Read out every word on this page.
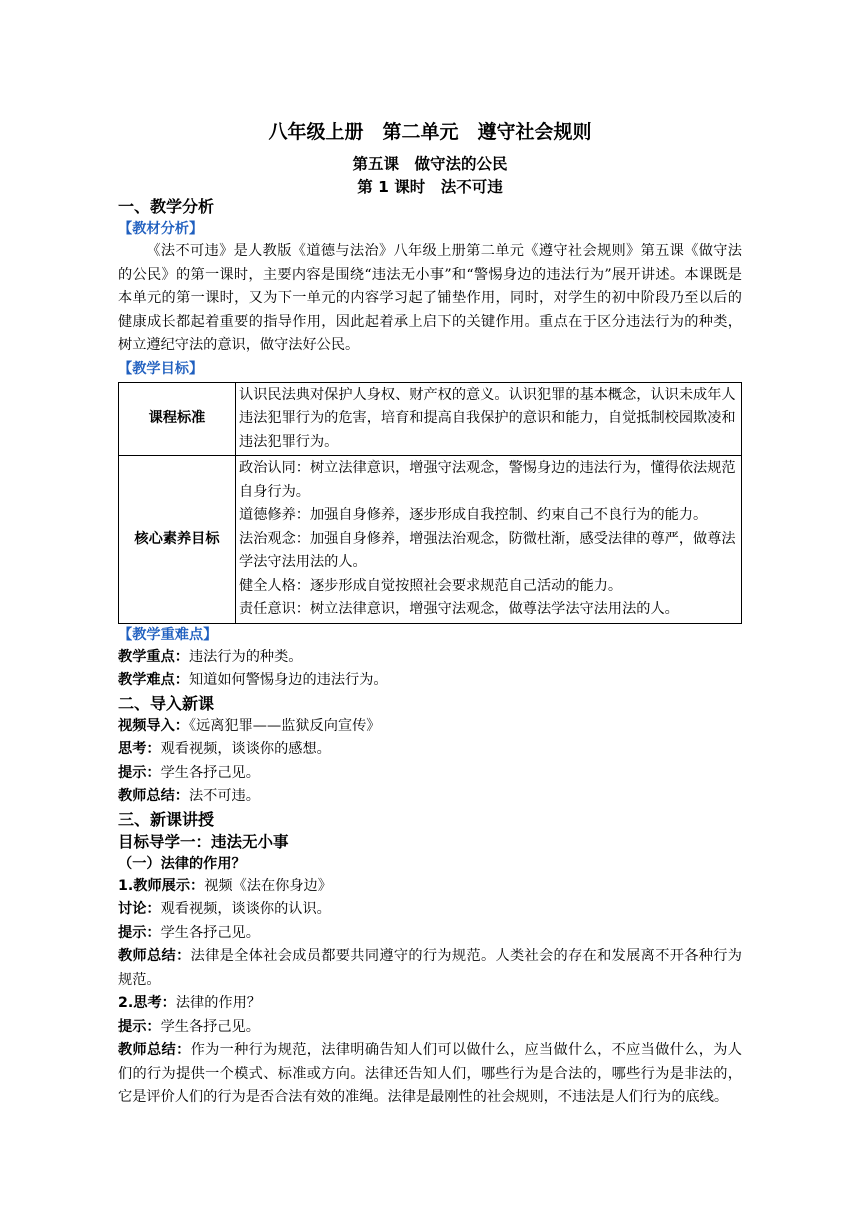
八年级上册　第二单元　遵守社会规则
第五课　做守法的公民
第 1 课时　法不可违

一、教学分析

【教材分析】

《法不可违》是人教版《道德与法治》八年级上册第二单元《遵守社会规则》第五课《做守法的公民》的第一课时，主要内容是围绕“违法无小事”和“警惕身边的违法行为”展开讲述。本课既是本单元的第一课时，又为下一单元的内容学习起了铺垫作用，同时，对学生的初中阶段乃至以后的健康成长都起着重要的指导作用，因此起着承上启下的关键作用。重点在于区分违法行为的种类，树立遵纪守法的意识，做守法好公民。

【教学目标】

课程标准	认识民法典对保护人身权、财产权的意义。认识犯罪的基本概念，认识未成年人违法犯罪行为的危害，培育和提高自我保护的意识和能力，自觉抵制校园欺凌和违法犯罪行为。
核心素养目标	政治认同：树立法律意识，增强守法观念，警惕身边的违法行为，懂得依法规范自身行为。
道德修养：加强自身修养，逐步形成自我控制、约束自己不良行为的能力。
法治观念：加强自身修养，增强法治观念，防微杜渐，感受法律的尊严，做尊法学法守法用法的人。
健全人格：逐步形成自觉按照社会要求规范自己活动的能力。
责任意识：树立法律意识，增强守法观念，做尊法学法守法用法的人。

【教学重难点】

教学重点：违法行为的种类。

教学难点：知道如何警惕身边的违法行为。

二、导入新课

视频导入：《远离犯罪——监狱反向宣传》

思考：观看视频，谈谈你的感想。

提示：学生各抒己见。

教师总结：法不可违。

三、新课讲授

目标导学一：违法无小事

（一）法律的作用？

1.教师展示：视频《法在你身边》

讨论：观看视频，谈谈你的认识。

提示：学生各抒己见。

教师总结：法律是全体社会成员都要共同遵守的行为规范。人类社会的存在和发展离不开各种行为规范。

2.思考：法律的作用？

提示：学生各抒己见。

教师总结：作为一种行为规范，法律明确告知人们可以做什么，应当做什么，不应当做什么，为人们的行为提供一个模式、标准或方向。法律还告知人们，哪些行为是合法的，哪些行为是非法的，它是评价人们的行为是否合法有效的准绳。法律是最刚性的社会规则，不违法是人们行为的底线。
